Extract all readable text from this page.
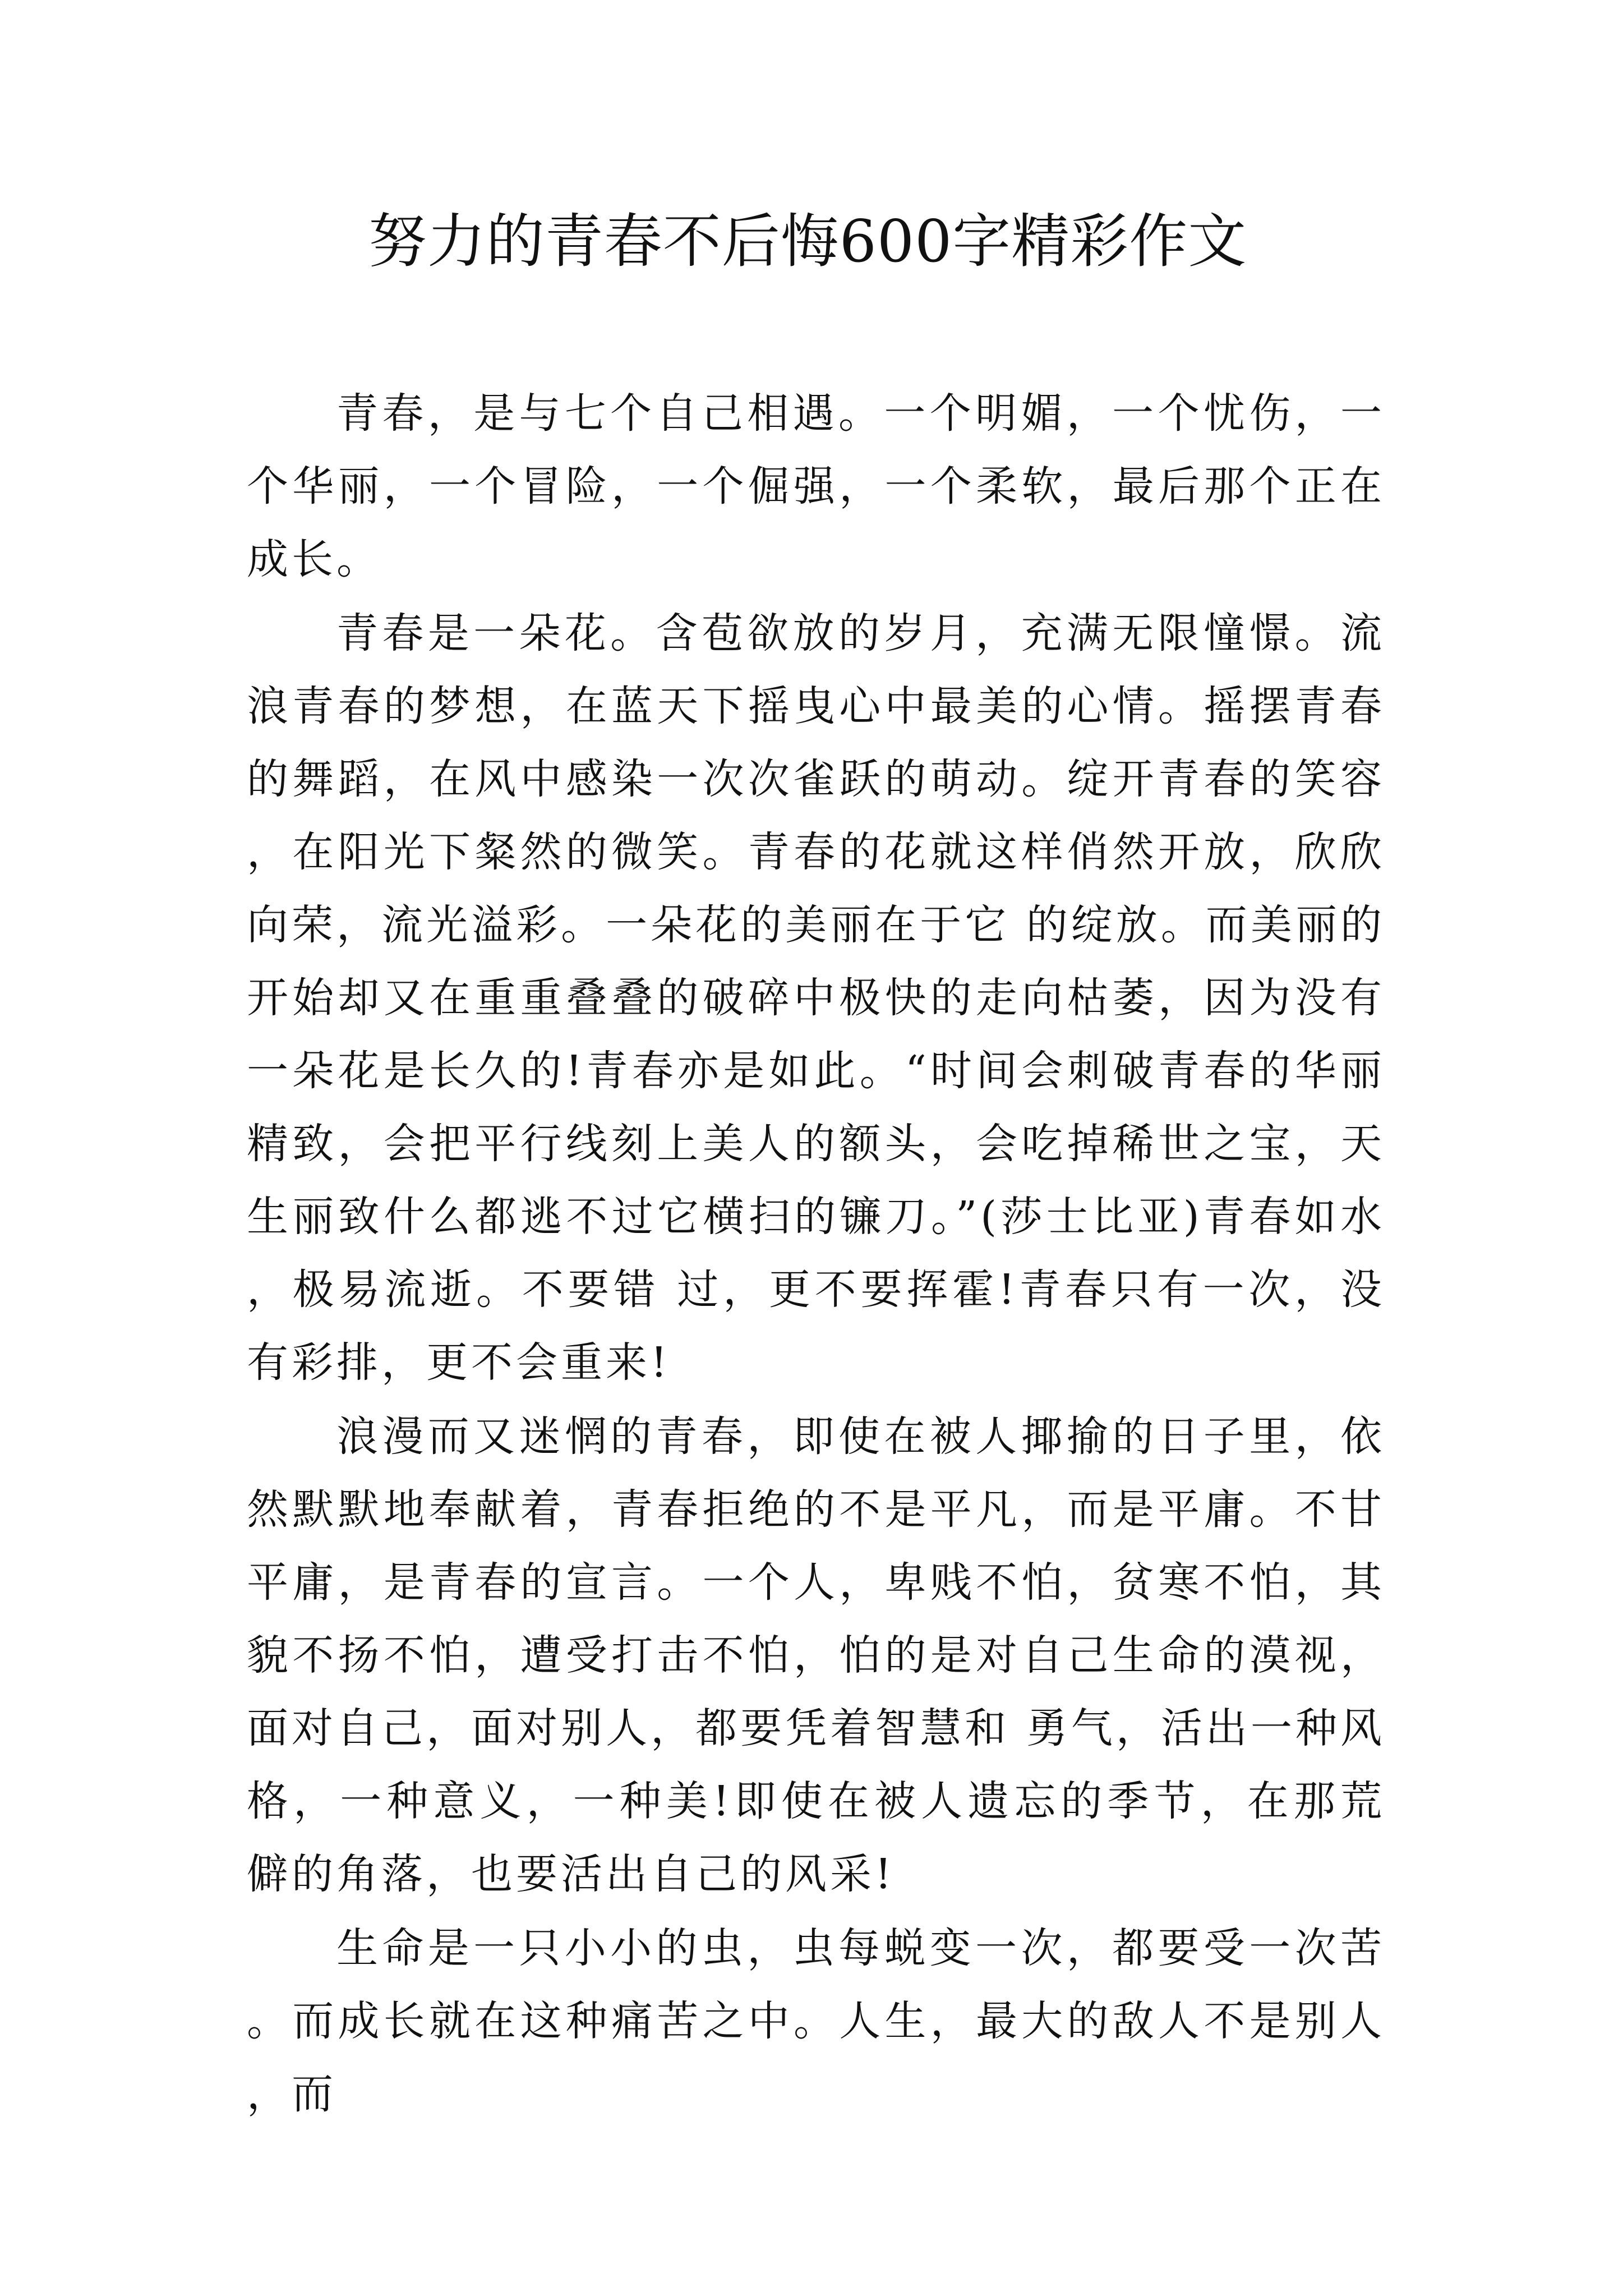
努力的青春不后悔600字精彩作文

青春，是与七个自己相遇。一个明媚，一个忧伤，一个华丽，一个冒险，一个倔强，一个柔软，最后那个正在成长。

青春是一朵花。含苞欲放的岁月，充满无限憧憬。流浪青春的梦想，在蓝天下摇曳心中最美的心情。摇摆青春的舞蹈，在风中感染一次次雀跃的萌动。绽开青春的笑容，在阳光下粲然的微笑。青春的花就这样俏然开放，欣欣向荣，流光溢彩。一朵花的美丽在于它 的绽放。而美丽的开始却又在重重叠叠的破碎中极快的走向枯萎，因为没有一朵花是长久的!青春亦是如此。“时间会刺破青春的华丽精致，会把平行线刻上美人的额头，会吃掉稀世之宝，天生丽致什么都逃不过它横扫的镰刀。”(莎士比亚)青春如水，极易流逝。不要错 过，更不要挥霍!青春只有一次，没有彩排，更不会重来!

浪漫而又迷惘的青春，即使在被人揶揄的日子里，依然默默地奉献着，青春拒绝的不是平凡，而是平庸。不甘平庸，是青春的宣言。一个人，卑贱不怕，贫寒不怕，其貌不扬不怕，遭受打击不怕，怕的是对自己生命的漠视，面对自己，面对别人，都要凭着智慧和 勇气，活出一种风格，一种意义，一种美!即使在被人遗忘的季节，在那荒僻的角落，也要活出自己的风采!

生命是一只小小的虫，虫每蜕变一次，都要受一次苦。而成长就在这种痛苦之中。人生，最大的敌人不是别人，而
